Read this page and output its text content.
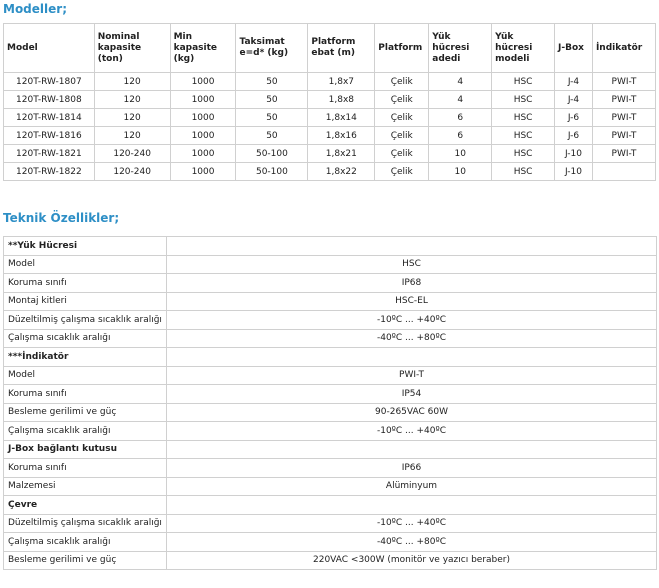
Modeller;
Model	Nominal kapasite (ton)	Min kapasite (kg)	Taksimat e=d* (kg)	Platform ebat (m)	Platform	Yük hücresi adedi	Yük hücresi modeli	J-Box	İndikatör
120T-RW-1807	120	1000	50	1,8x7	Çelik	4	HSC	J-4	PWI-T
120T-RW-1808	120	1000	50	1,8x8	Çelik	4	HSC	J-4	PWI-T
120T-RW-1814	120	1000	50	1,8x14	Çelik	6	HSC	J-6	PWI-T
120T-RW-1816	120	1000	50	1,8x16	Çelik	6	HSC	J-6	PWI-T
120T-RW-1821	120-240	1000	50-100	1,8x21	Çelik	10	HSC	J-10	PWI-T
120T-RW-1822	120-240	1000	50-100	1,8x22	Çelik	10	HSC	J-10	
Teknik Özellikler;
**Yük Hücresi	
Model	HSC
Koruma sınıfı	IP68
Montaj kitleri	HSC-EL
Düzeltilmiş çalışma sıcaklık aralığı	-10ºC ... +40ºC
Çalışma sıcaklık aralığı	-40ºC ... +80ºC
***İndikatör	
Model	PWI-T
Koruma sınıfı	IP54
Besleme gerilimi ve güç	90-265VAC 60W
Çalışma sıcaklık aralığı	-10ºC ... +40ºC
J-Box bağlantı kutusu	
Koruma sınıfı	IP66
Malzemesi	Alüminyum
Çevre	
Düzeltilmiş çalışma sıcaklık aralığı	-10ºC ... +40ºC
Çalışma sıcaklık aralığı	-40ºC ... +80ºC
Besleme gerilimi ve güç	220VAC <300W (monitör ve yazıcı beraber)
